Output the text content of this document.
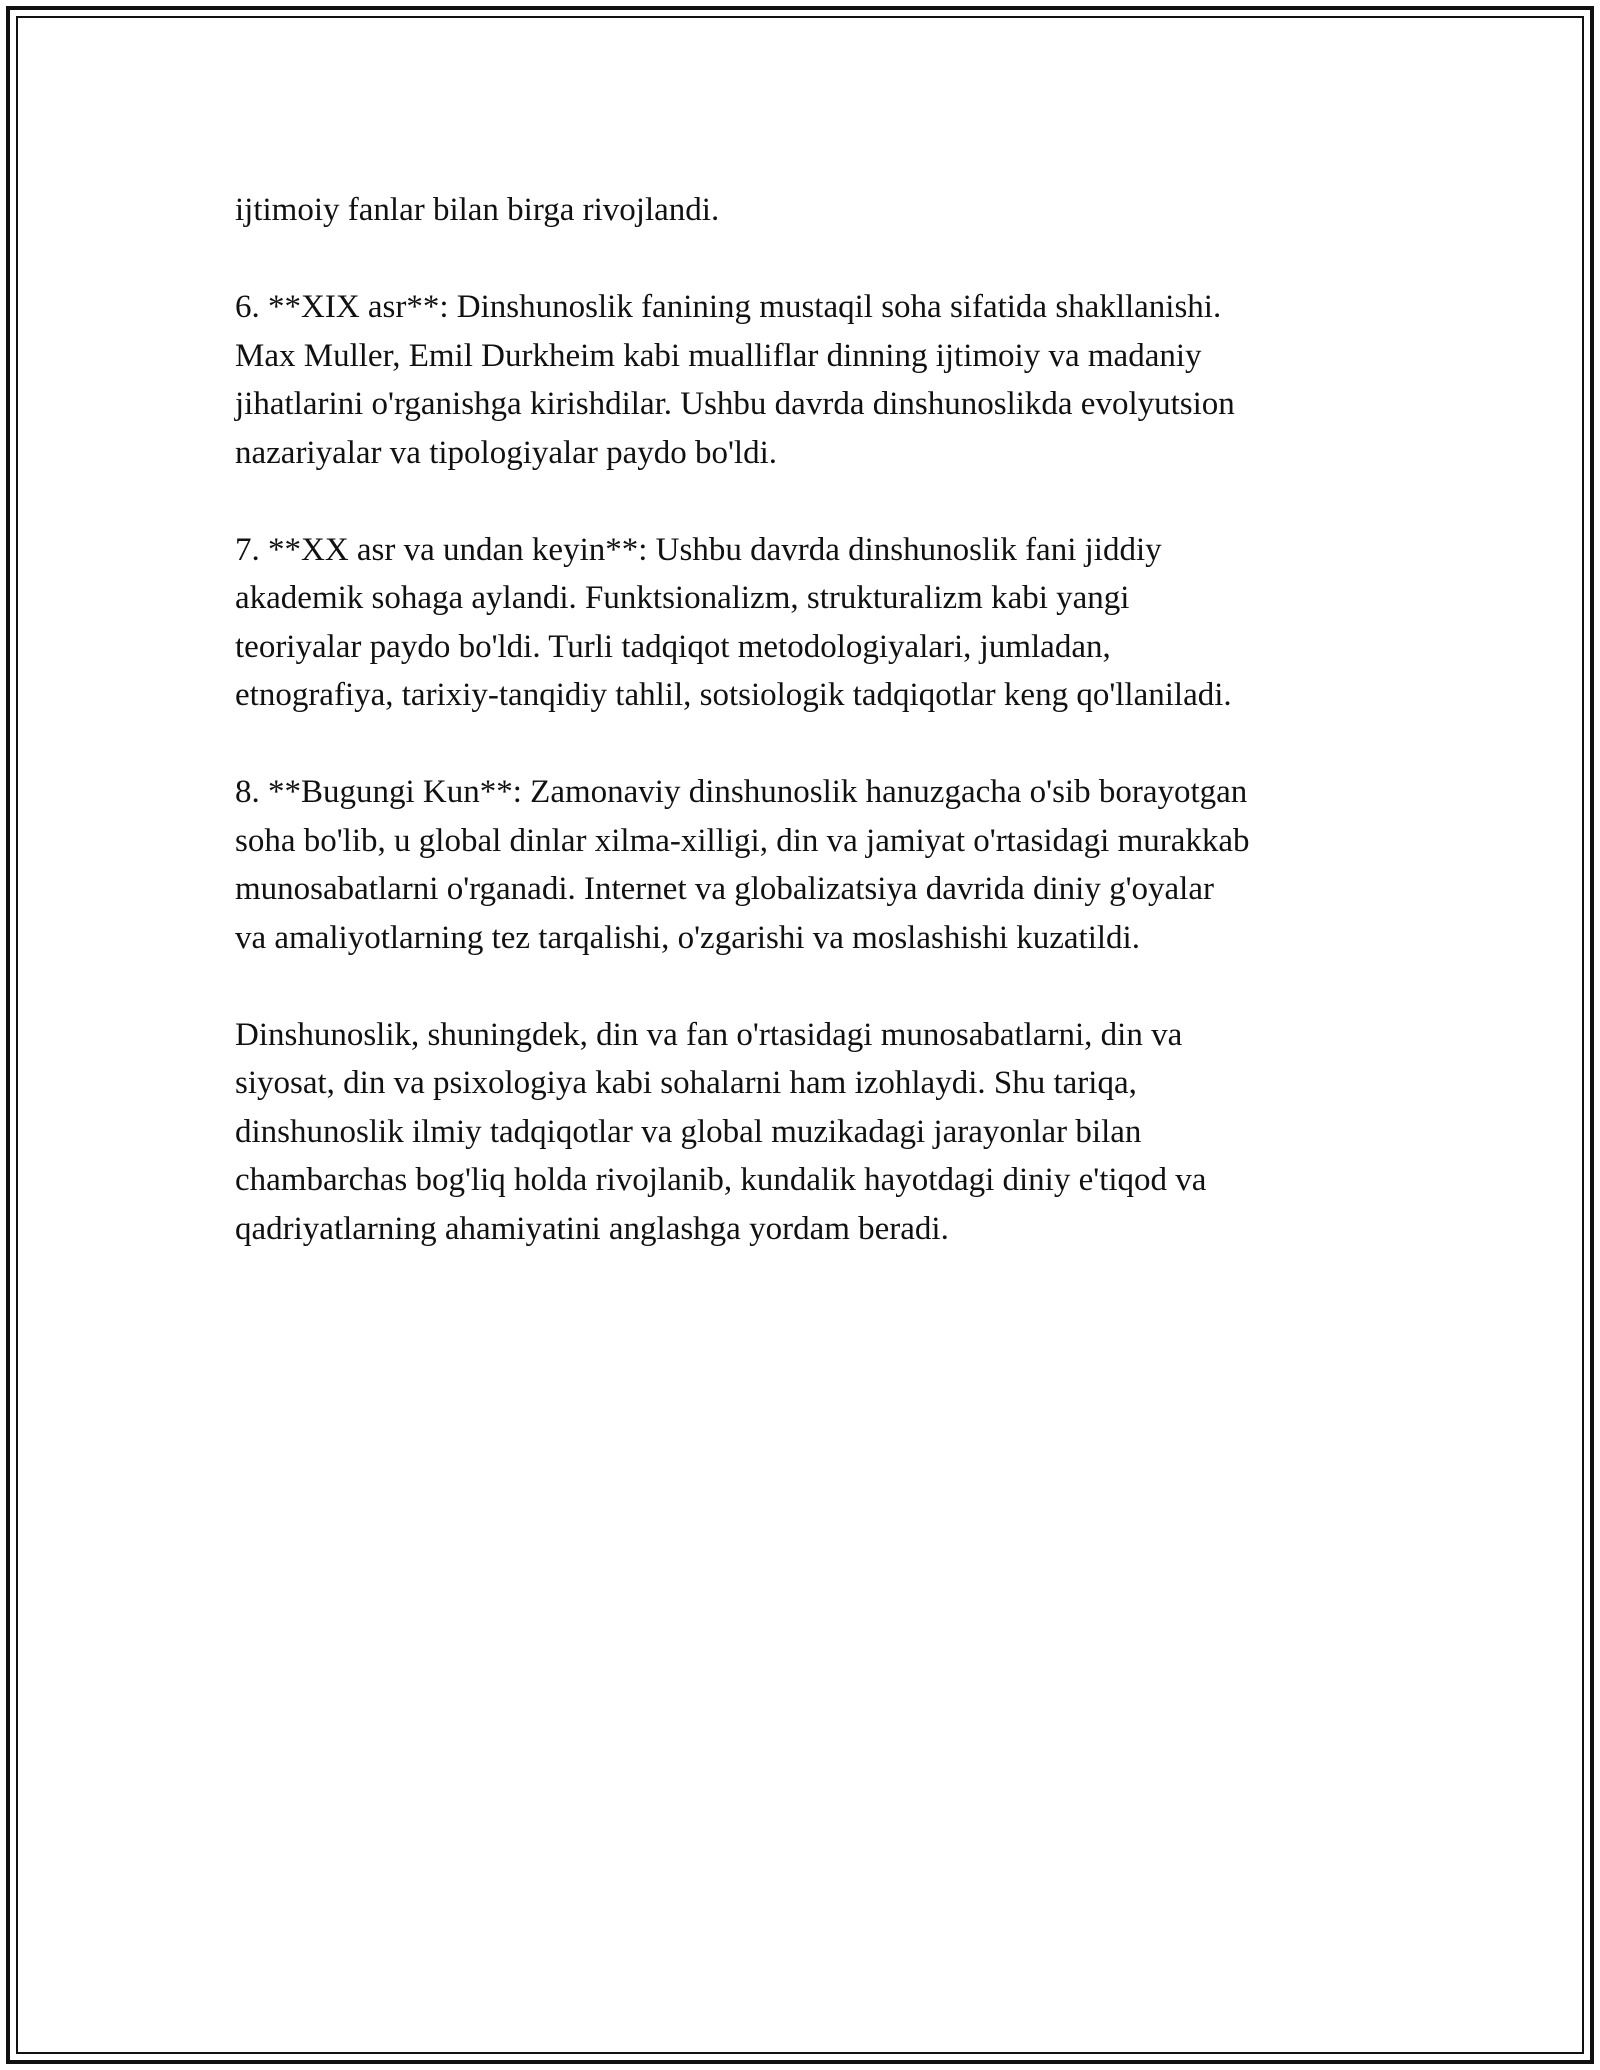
ijtimoiy fanlar bilan birga rivojlandi.

6. **XIX asr**: Dinshunoslik fanining mustaqil soha sifatida shakllanishi.
Max Muller, Emil Durkheim kabi mualliflar dinning ijtimoiy va madaniy
jihatlarini o'rganishga kirishdilar. Ushbu davrda dinshunoslikda evolyutsion
nazariyalar va tipologiyalar paydo bo'ldi.

7. **XX asr va undan keyin**: Ushbu davrda dinshunoslik fani jiddiy
akademik sohaga aylandi. Funktsionalizm, strukturalizm kabi yangi
teoriyalar paydo bo'ldi. Turli tadqiqot metodologiyalari, jumladan,
etnografiya, tarixiy-tanqidiy tahlil, sotsiologik tadqiqotlar keng qo'llaniladi.

8. **Bugungi Kun**: Zamonaviy dinshunoslik hanuzgacha o'sib borayotgan
soha bo'lib, u global dinlar xilma-xilligi, din va jamiyat o'rtasidagi murakkab
munosabatlarni o'rganadi. Internet va globalizatsiya davrida diniy g'oyalar
va amaliyotlarning tez tarqalishi, o'zgarishi va moslashishi kuzatildi.

Dinshunoslik, shuningdek, din va fan o'rtasidagi munosabatlarni, din va
siyosat, din va psixologiya kabi sohalarni ham izohlaydi. Shu tariqa,
dinshunoslik ilmiy tadqiqotlar va global muzikadagi jarayonlar bilan
chambarchas bog'liq holda rivojlanib, kundalik hayotdagi diniy e'tiqod va
qadriyatlarning ahamiyatini anglashga yordam beradi.
